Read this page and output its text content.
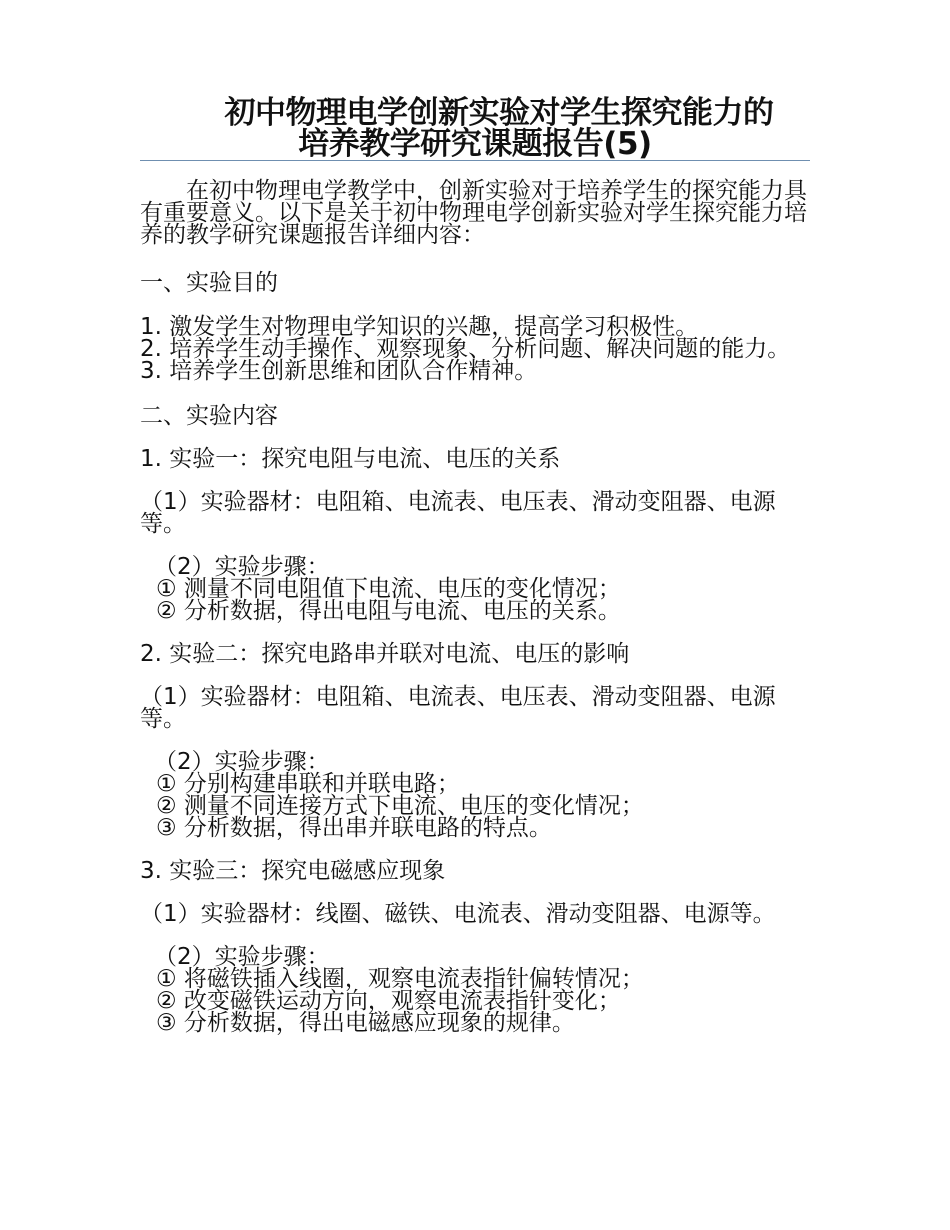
初中物理电学创新实验对学生探究能力的
培养教学研究课题报告(5)

在初中物理电学教学中，创新实验对于培养学生的探究能力具有重要意义。以下是关于初中物理电学创新实验对学生探究能力培养的教学研究课题报告详细内容：

一、实验目的

1. 激发学生对物理电学知识的兴趣，提高学习积极性。

2. 培养学生动手操作、观察现象、分析问题、解决问题的能力。

3. 培养学生创新思维和团队合作精神。

二、实验内容

1. 实验一：探究电阻与电流、电压的关系

（1）实验器材：电阻箱、电流表、电压表、滑动变阻器、电源等。

（2）实验步骤：

① 测量不同电阻值下电流、电压的变化情况；

② 分析数据，得出电阻与电流、电压的关系。

2. 实验二：探究电路串并联对电流、电压的影响

（1）实验器材：电阻箱、电流表、电压表、滑动变阻器、电源等。

（2）实验步骤：

① 分别构建串联和并联电路；

② 测量不同连接方式下电流、电压的变化情况；

③ 分析数据，得出串并联电路的特点。

3. 实验三：探究电磁感应现象

（1）实验器材：线圈、磁铁、电流表、滑动变阻器、电源等。

（2）实验步骤：

① 将磁铁插入线圈，观察电流表指针偏转情况；

② 改变磁铁运动方向，观察电流表指针变化；

③ 分析数据，得出电磁感应现象的规律。
